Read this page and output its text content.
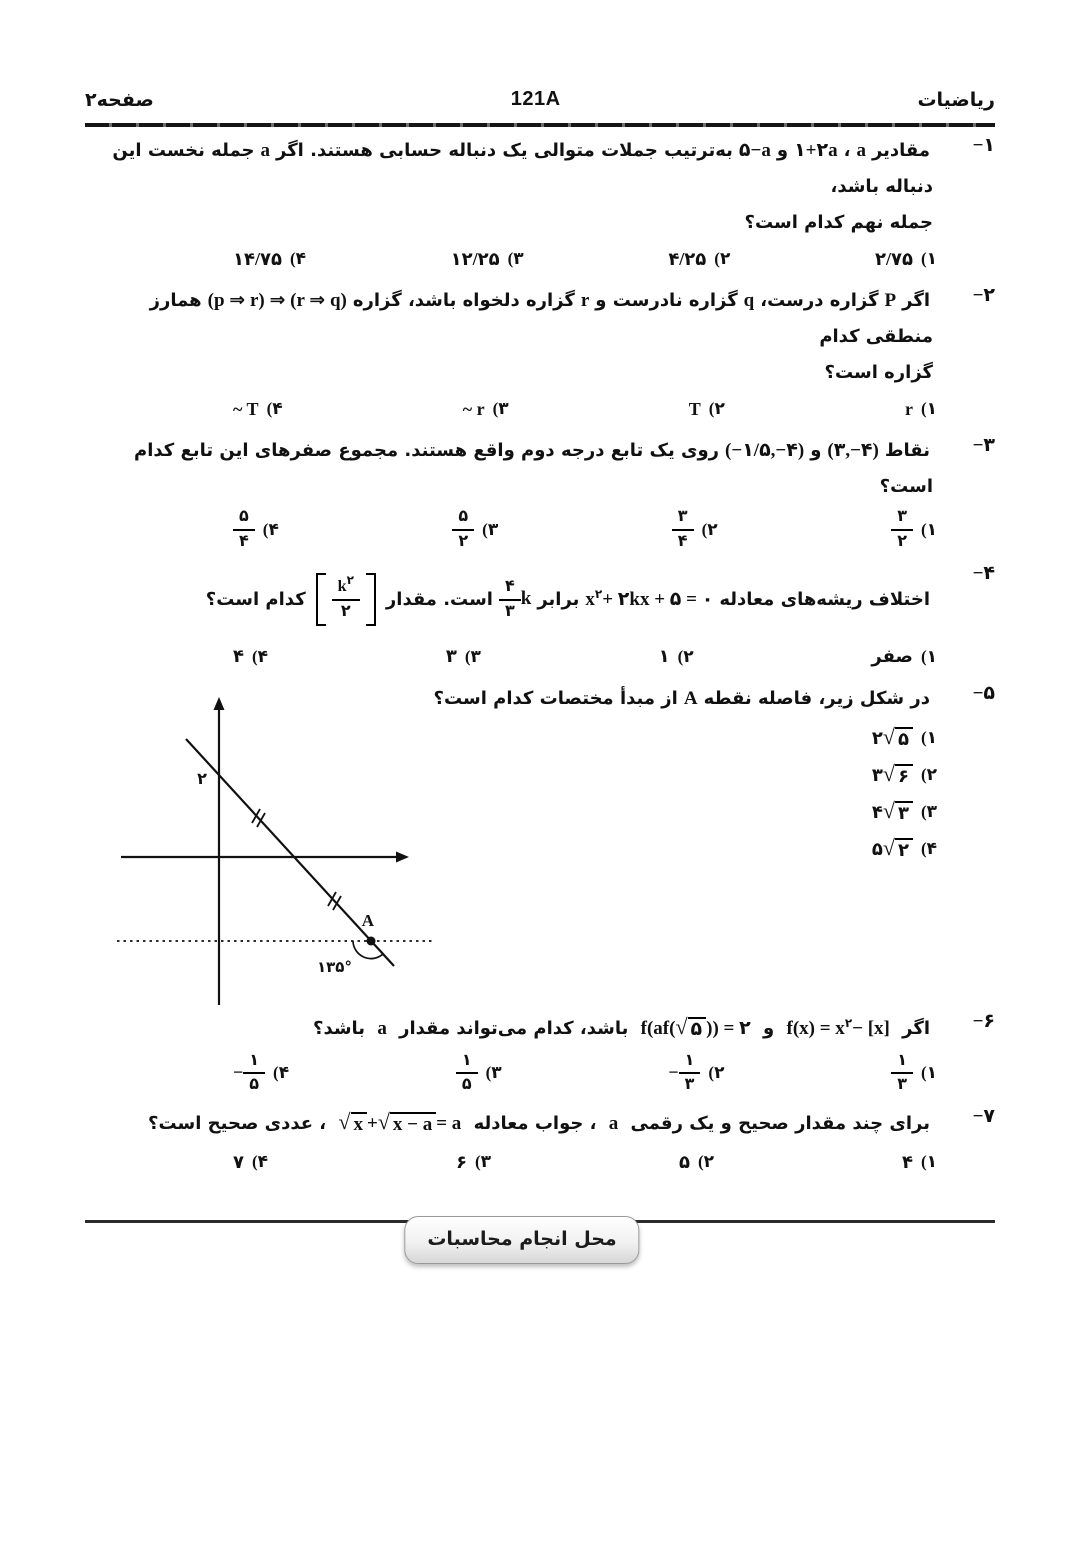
ریاضیات
121A
صفحه۲
−۱
مقادیرa،۱+۲aو۵−aبه‌ترتیب جملات متوالی یک دنباله حسابی هستند. اگرaجمله نخست این دنباله باشد،
جمله نهم کدام است؟
(۱
۲/۷۵
(۲
۴/۲۵
(۳
۱۲/۲۵
(۴
۱۴/۷۵
−۲
اگرPگزاره درست،qگزاره نادرست وrگزاره دلخواه باشد، گزاره(p ⇒ r) ⇒ (r ⇒ q)همارز منطقی کدام
گزاره است؟
(۱
r
(۲
T
(۳
~ r
(۴
~ T
−۳
نقاط(۳,−۴)و(−۱/۵,−۴)روی یک تابع درجه دوم واقع هستند. مجموع صفرهای این تابع کدام است؟
(۱
$\frac{۳}{۲}$
(۲
$\frac{۳}{۴}$
(۳
$\frac{۵}{۲}$
(۴
$\frac{۵}{۴}$
−۴
اختلاف ریشه‌های معادله
$x^۲+$ ۲kx + ۵ = ۰
برابر
$\frac{۴}{۳}$ k
است. مقدار
$\frac{k^۲}{۲}$
کدام است؟
(۱
صفر
(۲
۱
(۳
۳
(۴
۴
−۵
در شکل زیر، فاصله نقطهAاز مبدأ مختصات کدام است؟
(۱
۲ √ ۵
(۲
۳ √ ۶
(۳
۴ √ ۳
(۴
۵ √ ۲
۲
A
۱۳۵°
−۶
اگر $f(x) = x^۲- [x]$ و f(af( √ ۵ )) = ۲ باشد، کدام می‌تواند مقدار a باشد؟
(۱
$\frac{۱}{۳}$
(۲
− $\frac{۱}{۳}$
(۳
$\frac{۱}{۵}$
(۴
− $\frac{۱}{۵}$
−۷
برای چند مقدار صحیح و یک رقمی a ، جواب معادله
√ x + √ x − a = a ، عددی صحیح است؟
(۱
۴
(۲
۵
(۳
۶
(۴
۷
محل انجام محاسبات
